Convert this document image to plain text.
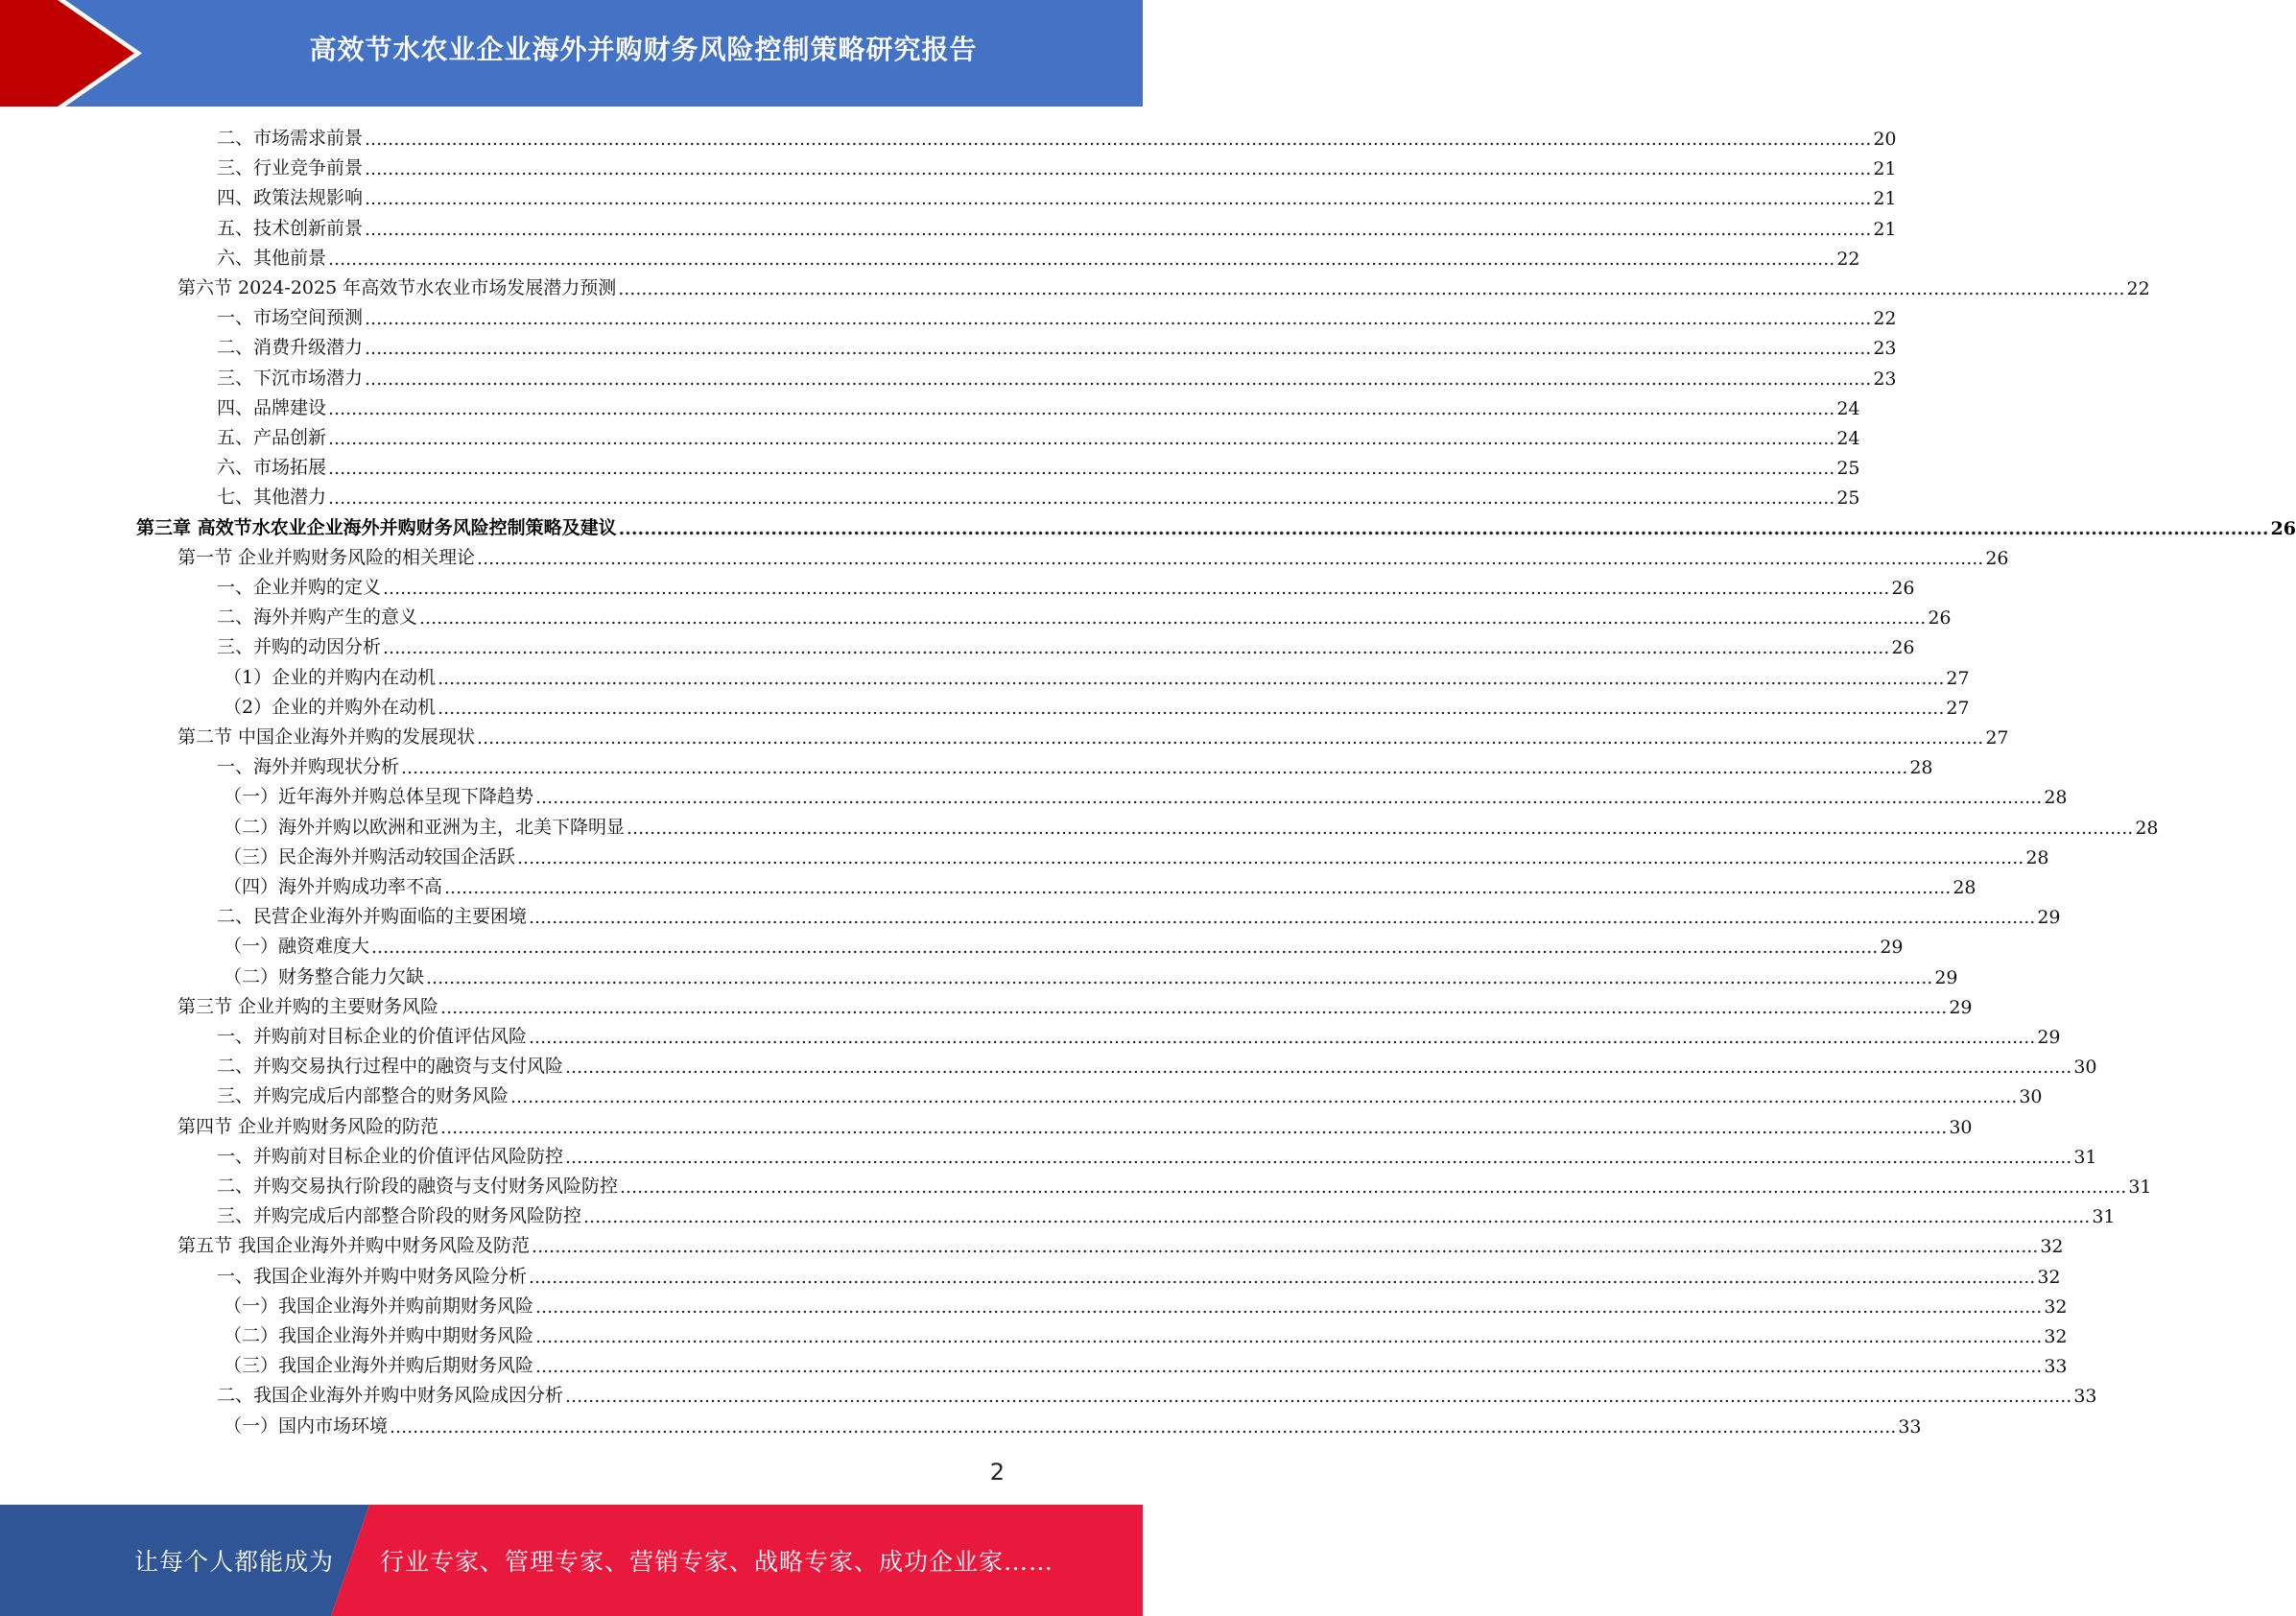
高效节水农业企业海外并购财务风险控制策略研究报告
二、市场需求前景 .................................................................................................................................................................................................................................................................... 20
三、行业竞争前景 .................................................................................................................................................................................................................................................................... 21
四、政策法规影响 .................................................................................................................................................................................................................................................................... 21
五、技术创新前景 .................................................................................................................................................................................................................................................................... 21
六、其他前景 .................................................................................................................................................................................................................................................................... 22
第六节 2024-2025 年高效节水农业市场发展潜力预测 .................................................................................................................................................................................................................................................................... 22
一、市场空间预测 .................................................................................................................................................................................................................................................................... 22
二、消费升级潜力 .................................................................................................................................................................................................................................................................... 23
三、下沉市场潜力 .................................................................................................................................................................................................................................................................... 23
四、品牌建设 .................................................................................................................................................................................................................................................................... 24
五、产品创新 .................................................................................................................................................................................................................................................................... 24
六、市场拓展 .................................................................................................................................................................................................................................................................... 25
七、其他潜力 .................................................................................................................................................................................................................................................................... 25
第三章 高效节水农业企业海外并购财务风险控制策略及建议 .................................................................................................................................................................................................................................................................... 26
第一节 企业并购财务风险的相关理论 .................................................................................................................................................................................................................................................................... 26
一、企业并购的定义 .................................................................................................................................................................................................................................................................... 26
二、海外并购产生的意义 .................................................................................................................................................................................................................................................................... 26
三、并购的动因分析 .................................................................................................................................................................................................................................................................... 26
（1）企业的并购内在动机 .................................................................................................................................................................................................................................................................... 27
（2）企业的并购外在动机 .................................................................................................................................................................................................................................................................... 27
第二节 中国企业海外并购的发展现状 .................................................................................................................................................................................................................................................................... 27
一、海外并购现状分析 .................................................................................................................................................................................................................................................................... 28
（一）近年海外并购总体呈现下降趋势 .................................................................................................................................................................................................................................................................... 28
（二）海外并购以欧洲和亚洲为主，北美下降明显 .................................................................................................................................................................................................................................................................... 28
（三）民企海外并购活动较国企活跃 .................................................................................................................................................................................................................................................................... 28
（四）海外并购成功率不高 .................................................................................................................................................................................................................................................................... 28
二、民营企业海外并购面临的主要困境 .................................................................................................................................................................................................................................................................... 29
（一）融资难度大 .................................................................................................................................................................................................................................................................... 29
（二）财务整合能力欠缺 .................................................................................................................................................................................................................................................................... 29
第三节 企业并购的主要财务风险 .................................................................................................................................................................................................................................................................... 29
一、并购前对目标企业的价值评估风险 .................................................................................................................................................................................................................................................................... 29
二、并购交易执行过程中的融资与支付风险 .................................................................................................................................................................................................................................................................... 30
三、并购完成后内部整合的财务风险 .................................................................................................................................................................................................................................................................... 30
第四节 企业并购财务风险的防范 .................................................................................................................................................................................................................................................................... 30
一、并购前对目标企业的价值评估风险防控 .................................................................................................................................................................................................................................................................... 31
二、并购交易执行阶段的融资与支付财务风险防控 .................................................................................................................................................................................................................................................................... 31
三、并购完成后内部整合阶段的财务风险防控 .................................................................................................................................................................................................................................................................... 31
第五节 我国企业海外并购中财务风险及防范 .................................................................................................................................................................................................................................................................... 32
一、我国企业海外并购中财务风险分析 .................................................................................................................................................................................................................................................................... 32
（一）我国企业海外并购前期财务风险 .................................................................................................................................................................................................................................................................... 32
（二）我国企业海外并购中期财务风险 .................................................................................................................................................................................................................................................................... 32
（三）我国企业海外并购后期财务风险 .................................................................................................................................................................................................................................................................... 33
二、我国企业海外并购中财务风险成因分析 .................................................................................................................................................................................................................................................................... 33
（一）国内市场环境 .................................................................................................................................................................................................................................................................... 33
2
让每个人都能成为 行业专家、管理专家、营销专家、战略专家、成功企业家……
